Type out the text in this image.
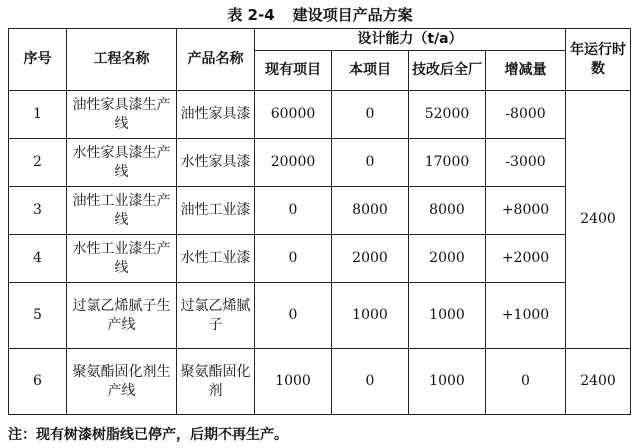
表 2-4 建设项目产品方案
序号	工程名称	产品名称	设计能力（t/a）				年运行时数
			现有项目	本项目	技改后全厂	增减量	
1	油性家具漆生产线	油性家具漆	60000	0	52000	-8000	2400
2	水性家具漆生产线	水性家具漆	20000	0	17000	-3000	
3	油性工业漆生产线	油性工业漆	0	8000	8000	+8000	
4	水性工业漆生产线	水性工业漆	0	2000	2000	+2000	
5	过氯乙烯腻子生产线	过氯乙烯腻子	0	1000	1000	+1000	
6	聚氨酯固化剂生产线	聚氨酯固化剂	1000	0	1000	0	2400
注：现有树漆树脂线已停产，后期不再生产。
